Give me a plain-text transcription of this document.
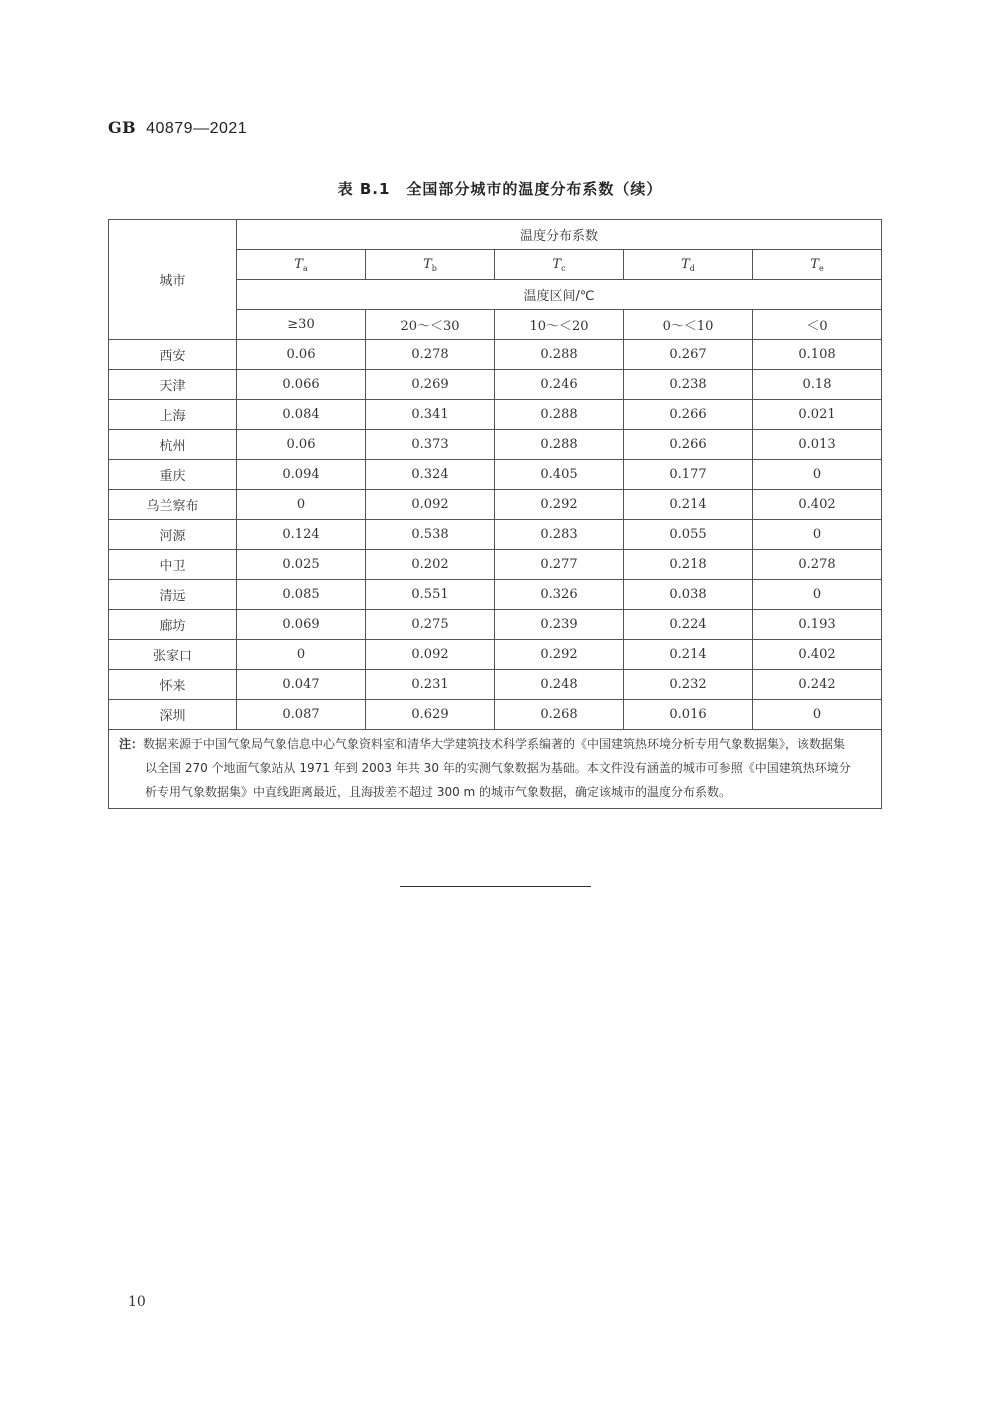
GB 40879—2021
表 B.1　全国部分城市的温度分布系数（续）
城市	温度分布系数				
	$T_a$	$T_b$	$T_c$	$T_d$	$T_e$
	温度区间/℃				
	≥30	20～＜30	10～＜20	0～＜10	＜0
西安	0.06	0.278	0.288	0.267	0.108
天津	0.066	0.269	0.246	0.238	0.18
上海	0.084	0.341	0.288	0.266	0.021
杭州	0.06	0.373	0.288	0.266	0.013
重庆	0.094	0.324	0.405	0.177	0
乌兰察布	0	0.092	0.292	0.214	0.402
河源	0.124	0.538	0.283	0.055	0
中卫	0.025	0.202	0.277	0.218	0.278
清远	0.085	0.551	0.326	0.038	0
廊坊	0.069	0.275	0.239	0.224	0.193
张家口	0	0.092	0.292	0.214	0.402
怀来	0.047	0.231	0.248	0.232	0.242
深圳	0.087	0.629	0.268	0.016	0
注：数据来源于中国气象局气象信息中心气象资料室和清华大学建筑技术科学系编著的《中国建筑热环境分析专用气象数据集》，该数据集以全国 270 个地面气象站从 1971 年到 2003 年共 30 年的实测气象数据为基础。本文件没有涵盖的城市可参照《中国建筑热环境分析专用气象数据集》中直线距离最近，且海拔差不超过 300 m 的城市气象数据，确定该城市的温度分布系数。					
10
